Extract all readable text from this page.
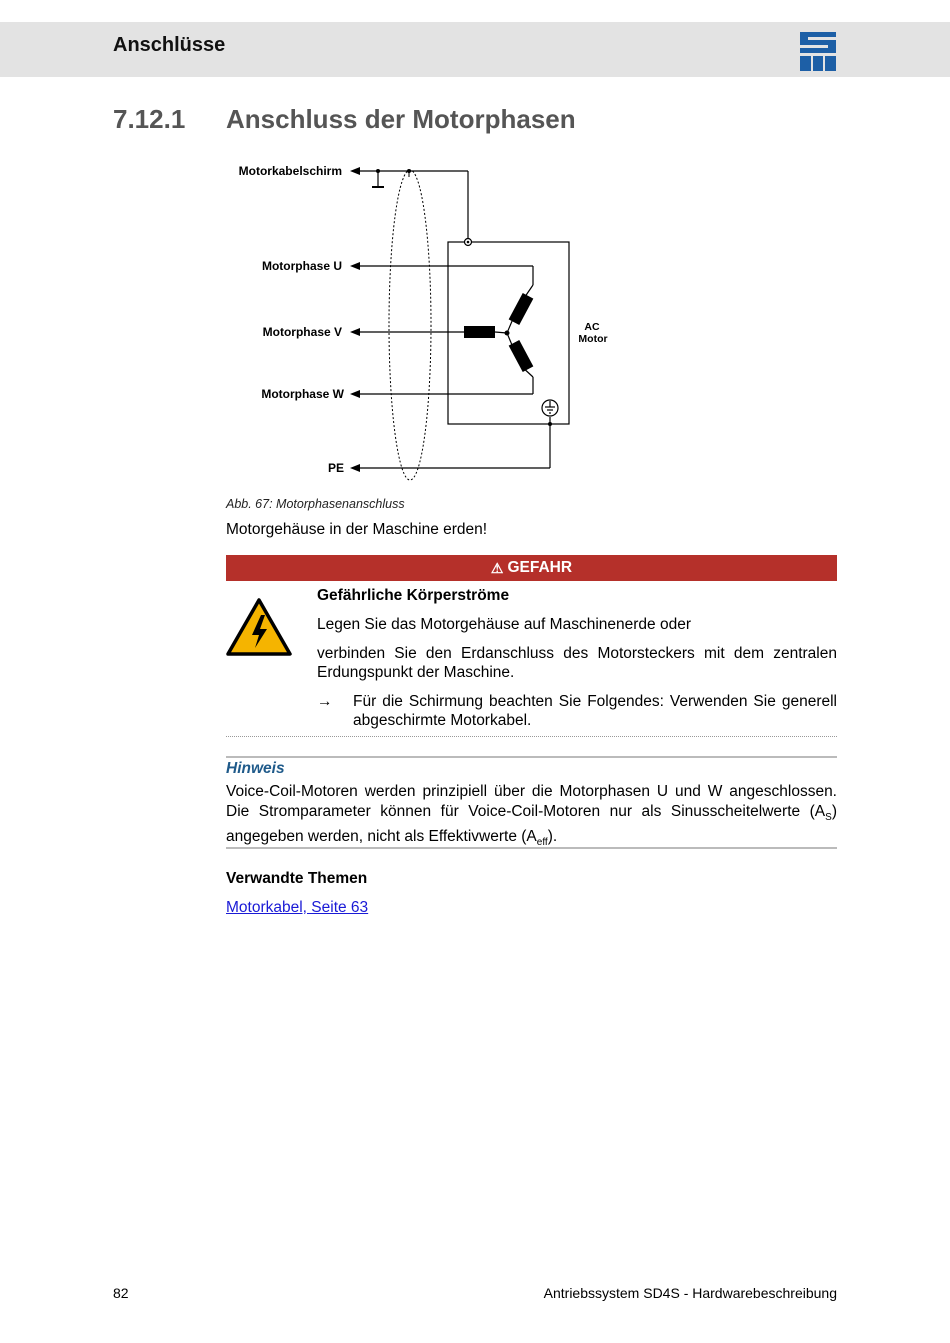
Anschlüsse
7.12.1 Anschluss der Motorphasen
Motorkabelschirm
Motorphase U
Motorphase V
Motorphase W
PE
AC
Motor
Abb. 67: Motorphasenanschluss
Motorgehäuse in der Maschine erden!
⚠ GEFAHR

Gefährliche Körperströme

Legen Sie das Motorgehäuse auf Maschinenerde oder

verbinden Sie den Erdanschluss des Motorsteckers mit dem zentralen Erdungspunkt der Maschine.

→	Für die Schirmung beachten Sie Folgendes: Verwenden Sie generell abgeschirmte Motorkabel.
Hinweis
Voice-Coil-Motoren werden prinzipiell über die Motorphasen U und W angeschlossen. Die Stromparameter können für Voice-Coil-Motoren nur als Sinusscheitelwerte $(A_S)$ angegeben werden, nicht als Effektivwerte $(A_{eff})$.
Verwandte Themen
Motorkabel, Seite 63
82	Antriebssystem SD4S - Hardwarebeschreibung
